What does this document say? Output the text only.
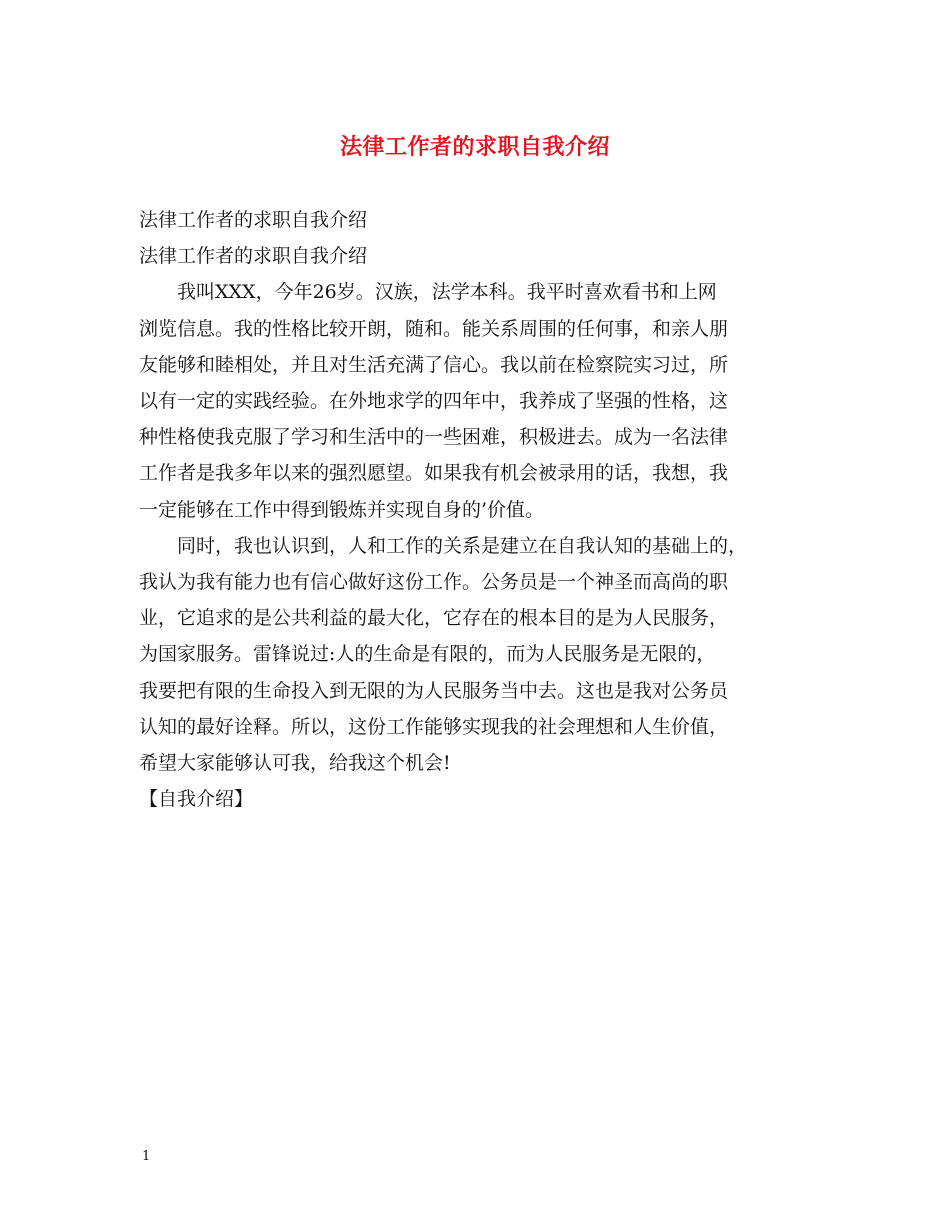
法律工作者的求职自我介绍
法律工作者的求职自我介绍
法律工作者的求职自我介绍
我叫XXX，今年26岁。汉族，法学本科。我平时喜欢看书和上网
浏览信息。我的性格比较开朗，随和。能关系周围的任何事，和亲人朋
友能够和睦相处，并且对生活充满了信心。我以前在检察院实习过，所
以有一定的实践经验。在外地求学的四年中，我养成了坚强的性格，这
种性格使我克服了学习和生活中的一些困难，积极进去。成为一名法律
工作者是我多年以来的强烈愿望。如果我有机会被录用的话，我想，我
一定能够在工作中得到锻炼并实现自身的’价值。
同时，我也认识到，人和工作的关系是建立在自我认知的基础上的，
我认为我有能力也有信心做好这份工作。公务员是一个神圣而高尚的职
业，它追求的是公共利益的最大化，它存在的根本目的是为人民服务，
为国家服务。雷锋说过:人的生命是有限的，而为人民服务是无限的，
我要把有限的生命投入到无限的为人民服务当中去。这也是我对公务员
认知的最好诠释。所以，这份工作能够实现我的社会理想和人生价值，
希望大家能够认可我，给我这个机会!
【自我介绍】
1
